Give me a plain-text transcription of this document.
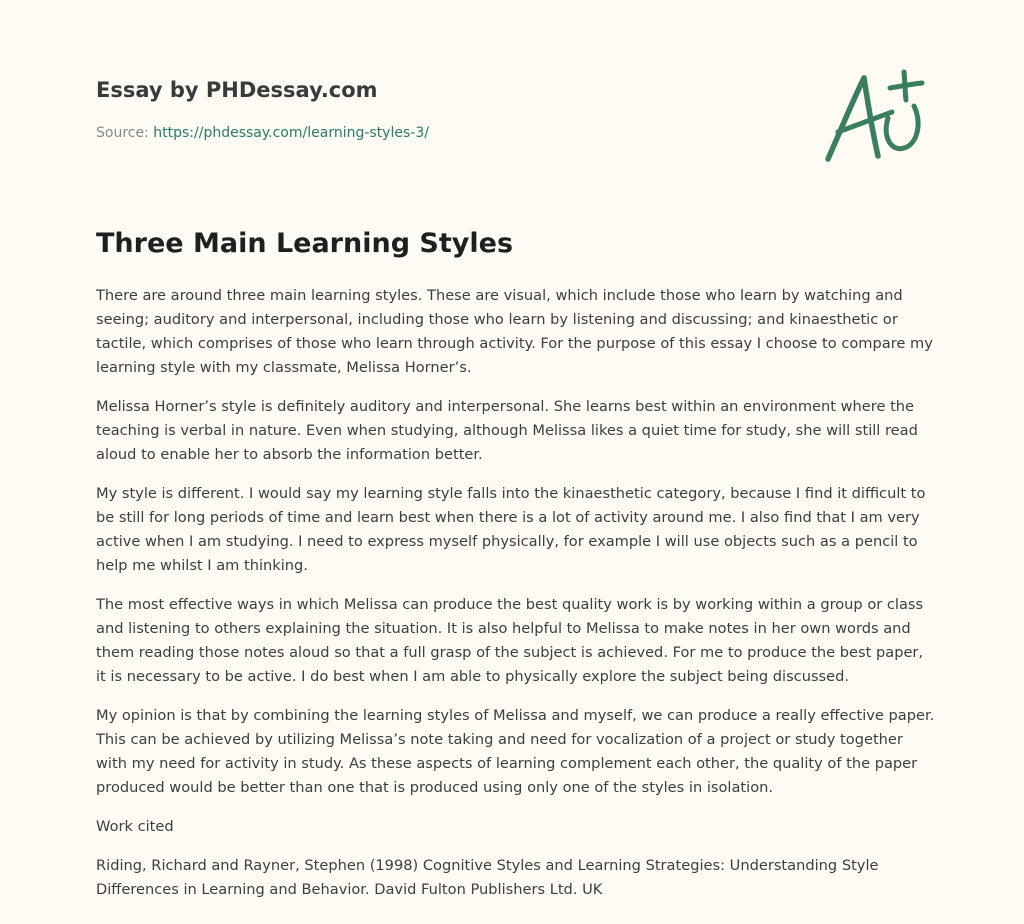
Essay by PHDessay.com
Source: https://phdessay.com/learning-styles-3/
Three Main Learning Styles

There are around three main learning styles. These are visual, which include those who learn by watching and seeing; auditory and interpersonal, including those who learn by listening and discussing; and kinaesthetic or tactile, which comprises of those who learn through activity. For the purpose of this essay I choose to compare my learning style with my classmate, Melissa Horner’s.

Melissa Horner’s style is definitely auditory and interpersonal. She learns best within an environment where the teaching is verbal in nature. Even when studying, although Melissa likes a quiet time for study, she will still read aloud to enable her to absorb the information better.

My style is different. I would say my learning style falls into the kinaesthetic category, because I find it difficult to be still for long periods of time and learn best when there is a lot of activity around me. I also find that I am very active when I am studying. I need to express myself physically, for example I will use objects such as a pencil to help me whilst I am thinking.

The most effective ways in which Melissa can produce the best quality work is by working within a group or class and listening to others explaining the situation. It is also helpful to Melissa to make notes in her own words and them reading those notes aloud so that a full grasp of the subject is achieved. For me to produce the best paper, it is necessary to be active. I do best when I am able to physically explore the subject being discussed.

My opinion is that by combining the learning styles of Melissa and myself, we can produce a really effective paper. This can be achieved by utilizing Melissa’s note taking and need for vocalization of a project or study together with my need for activity in study. As these aspects of learning complement each other, the quality of the paper produced would be better than one that is produced using only one of the styles in isolation.

Work cited

Riding, Richard and Rayner, Stephen (1998) Cognitive Styles and Learning Strategies: Understanding Style Differences in Learning and Behavior. David Fulton Publishers Ltd. UK
